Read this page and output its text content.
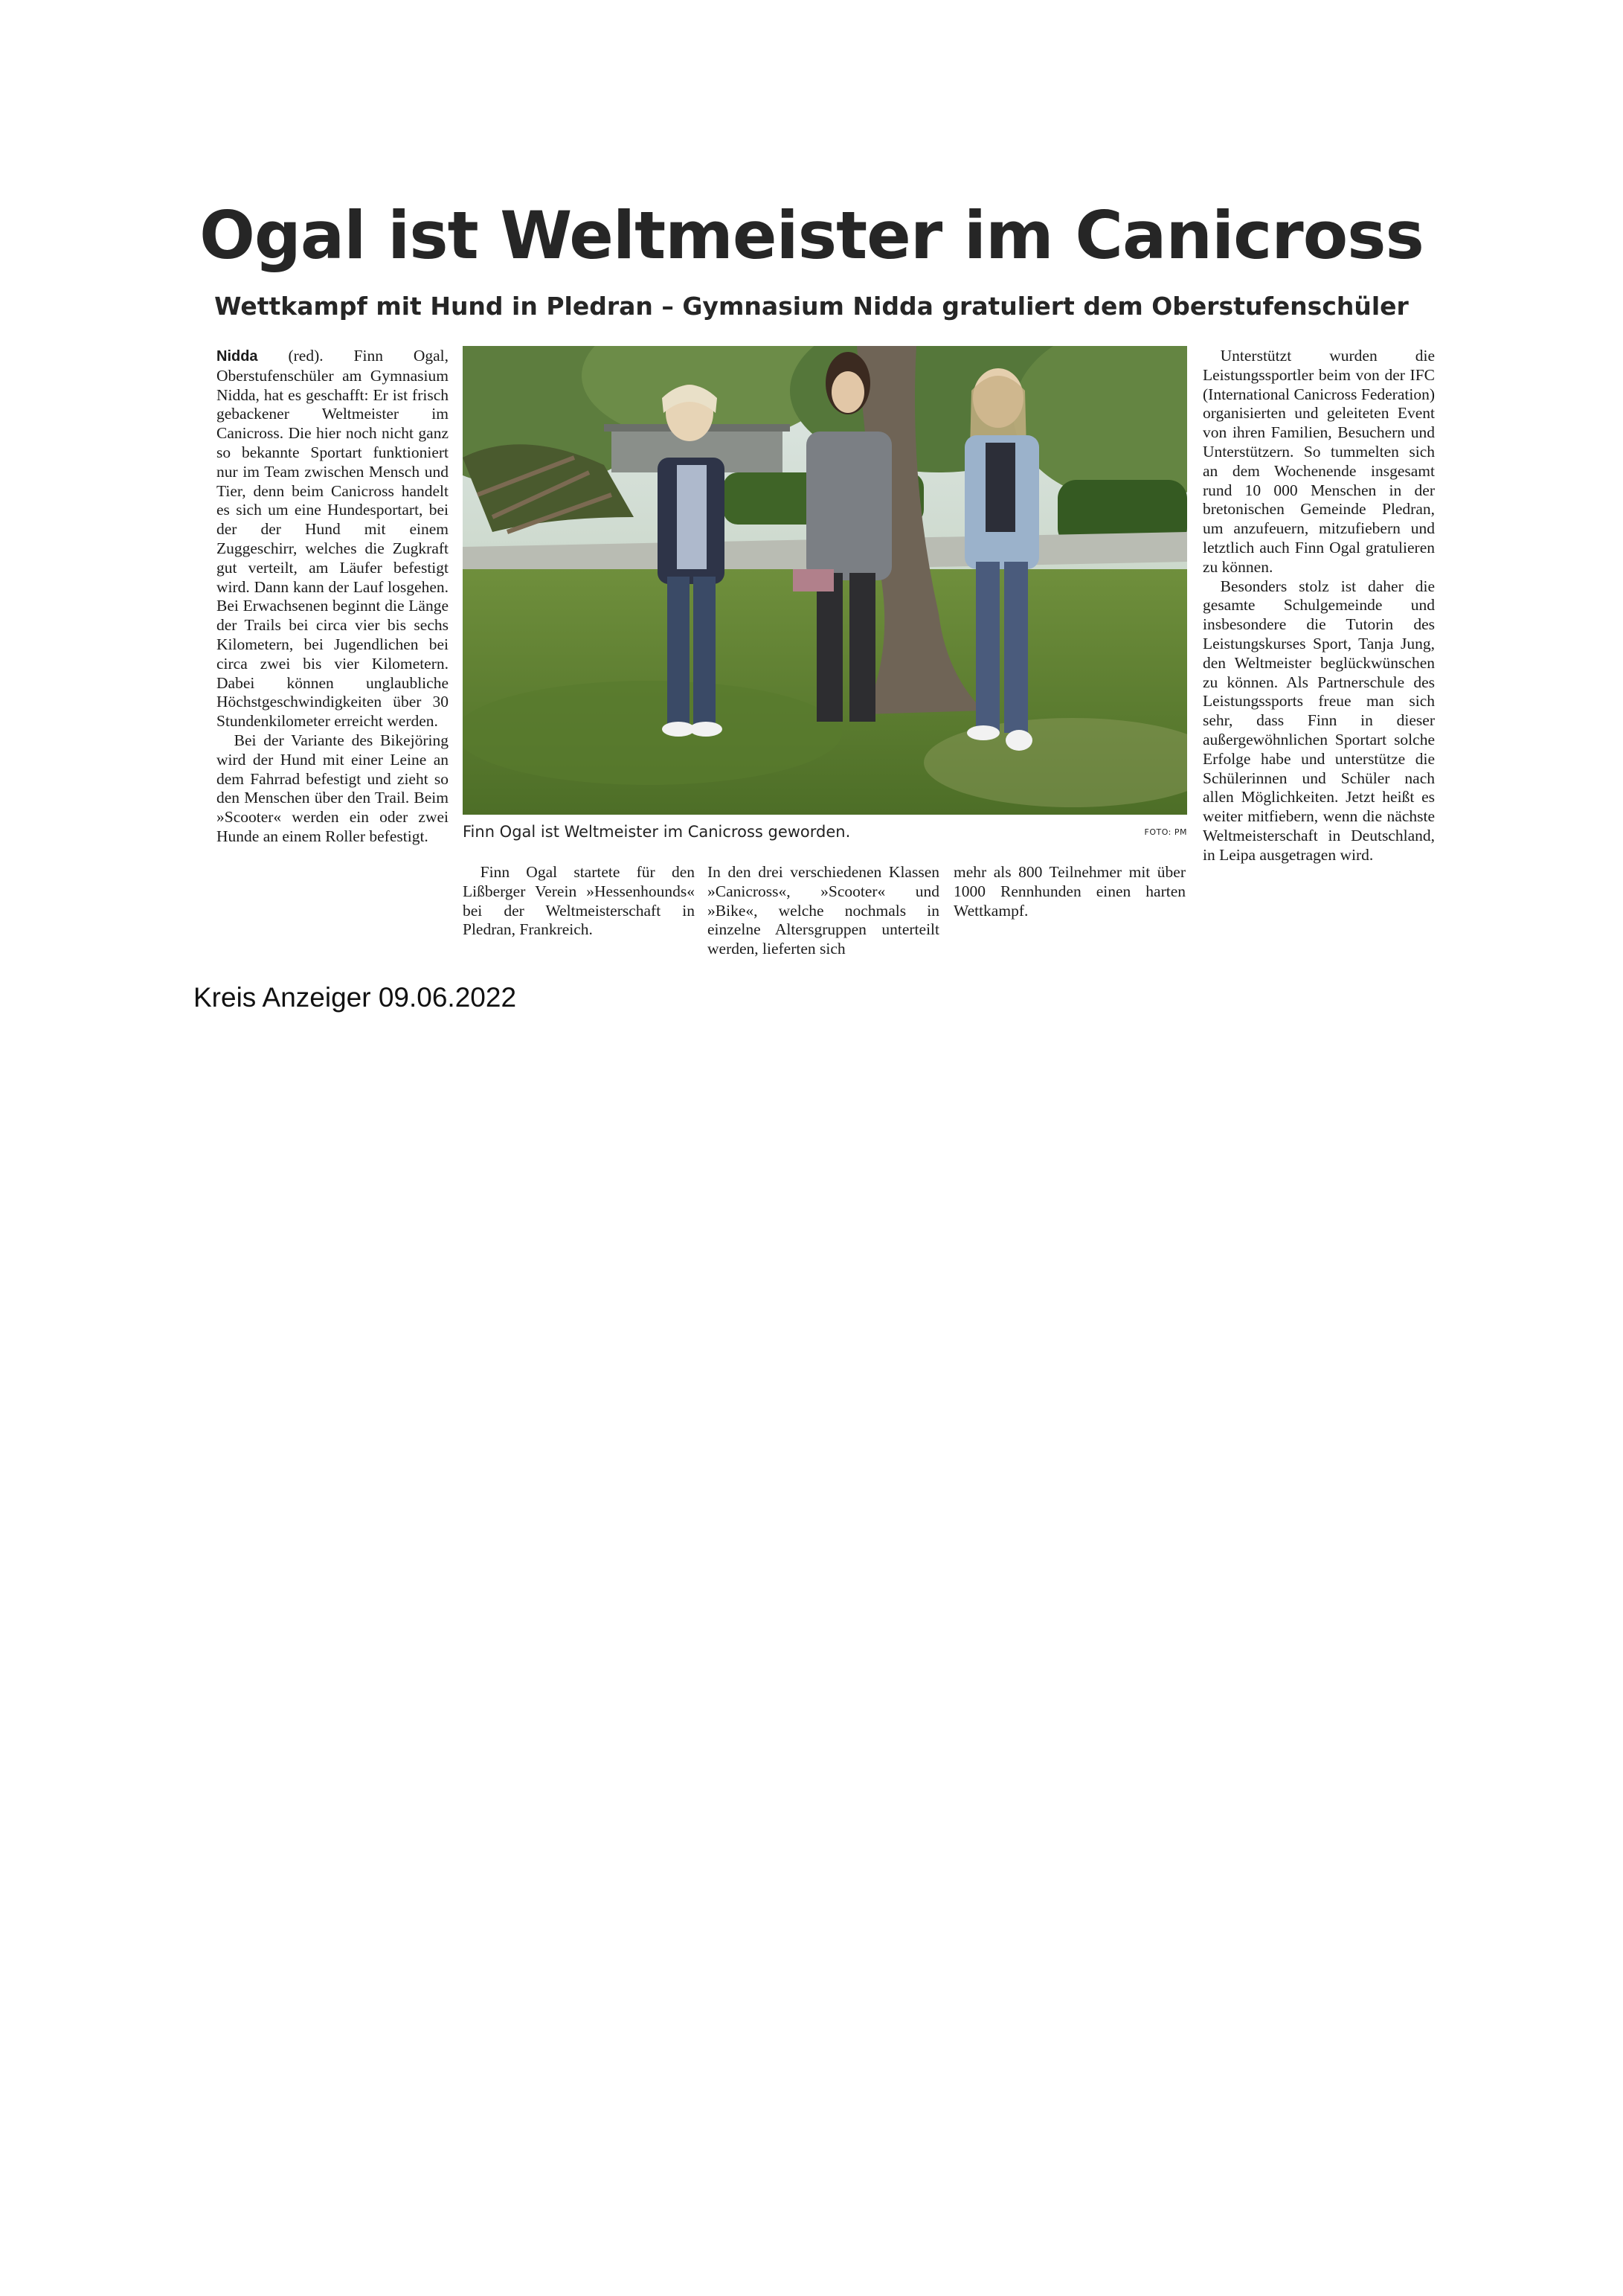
Ogal ist Weltmeister im Canicross
Wettkampf mit Hund in Pledran – Gymnasium Nidda gratuliert dem Oberstufenschüler

Nidda (red). Finn Ogal, Oberstufenschüler am Gymnasium Nidda, hat es geschafft: Er ist frisch gebackener Weltmeister im Canicross. Die hier noch nicht ganz so bekannte Sportart funktioniert nur im Team zwischen Mensch und Tier, denn beim Canicross handelt es sich um eine Hundesportart, bei der der Hund mit einem Zuggeschirr, welches die Zugkraft gut verteilt, am Läufer befestigt wird. Dann kann der Lauf losgehen. Bei Erwachsenen beginnt die Länge der Trails bei circa vier bis sechs Kilometern, bei Jugendlichen bei circa zwei bis vier Kilometern. Dabei können unglaubliche Höchstgeschwindigkeiten über 30 Stundenkilometer erreicht werden.

Bei der Variante des Bikejöring wird der Hund mit einer Leine an dem Fahrrad befestigt und zieht so den Menschen über den Trail. Beim »Scooter« werden ein oder zwei Hunde an einem Roller befestigt.	Finn Ogal ist Weltmeister im Canicross geworden.	FOTO: PM

Finn Ogal startete für den Lißberger Verein »Hessenhounds« bei der Weltmeisterschaft in Pledran, Frankreich.

In den drei verschiedenen Klassen »Canicross«, »Scooter« und »Bike«, welche nochmals in einzelne Altersgruppen unterteilt werden, lieferten sich

mehr als 800 Teilnehmer mit über 1000 Rennhunden einen harten Wettkampf.

Unterstützt wurden die Leistungssportler beim von der IFC (International Canicross Federation) organisierten und geleiteten Event von ihren Familien, Besuchern und Unterstützern. So tummelten sich an dem Wochenende insgesamt rund 10 000 Menschen in der bretonischen Gemeinde Pledran, um anzufeuern, mitzufiebern und letztlich auch Finn Ogal gratulieren zu können.

Besonders stolz ist daher die gesamte Schulgemeinde und insbesondere die Tutorin des Leistungskurses Sport, Tanja Jung, den Weltmeister beglückwünschen zu können. Als Partnerschule des Leistungssports freue man sich sehr, dass Finn in dieser außergewöhnlichen Sportart solche Erfolge habe und unterstütze die Schülerinnen und Schüler nach allen Möglichkeiten. Jetzt heißt es weiter mitfiebern, wenn die nächste Weltmeisterschaft in Deutschland, in Leipa ausgetragen wird.

Kreis Anzeiger 09.06.2022
